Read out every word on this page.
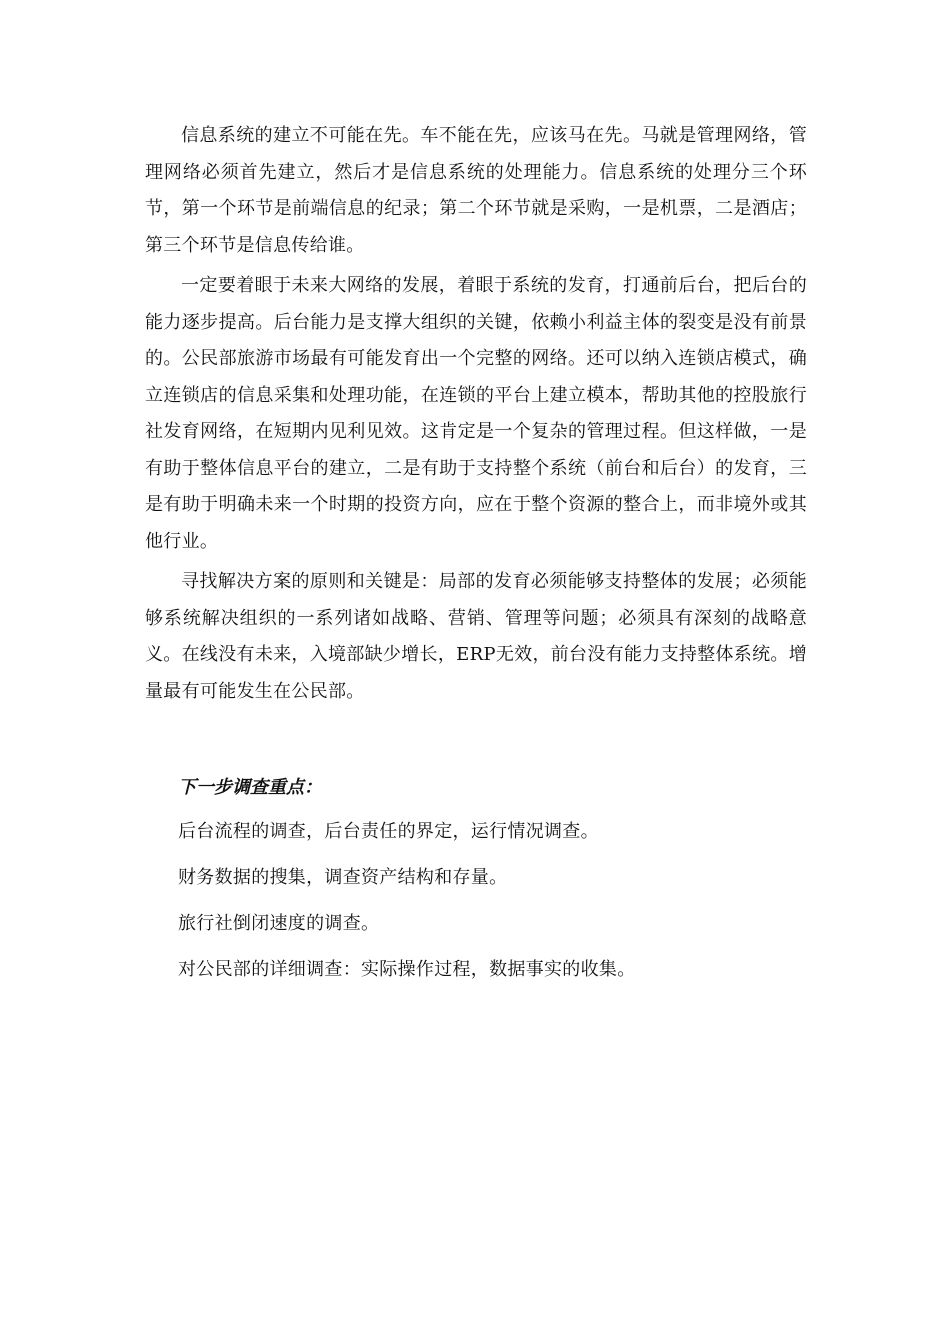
信息系统的建立不可能在先。车不能在先，应该马在先。马就是管理网络，管理网络必须首先建立，然后才是信息系统的处理能力。信息系统的处理分三个环节，第一个环节是前端信息的纪录；第二个环节就是采购，一是机票，二是酒店；第三个环节是信息传给谁。

一定要着眼于未来大网络的发展，着眼于系统的发育，打通前后台，把后台的能力逐步提高。后台能力是支撑大组织的关键，依赖小利益主体的裂变是没有前景的。公民部旅游市场最有可能发育出一个完整的网络。还可以纳入连锁店模式，确立连锁店的信息采集和处理功能，在连锁的平台上建立模本，帮助其他的控股旅行社发育网络，在短期内见利见效。这肯定是一个复杂的管理过程。但这样做，一是有助于整体信息平台的建立，二是有助于支持整个系统（前台和后台）的发育，三是有助于明确未来一个时期的投资方向，应在于整个资源的整合上，而非境外或其他行业。

寻找解决方案的原则和关键是：局部的发育必须能够支持整体的发展；必须能够系统解决组织的一系列诸如战略、营销、管理等问题；必须具有深刻的战略意义。在线没有未来，入境部缺少增长，ERP无效，前台没有能力支持整体系统。增量最有可能发生在公民部。

下一步调查重点：
后台流程的调查，后台责任的界定，运行情况调查。
财务数据的搜集，调查资产结构和存量。
旅行社倒闭速度的调查。
对公民部的详细调查：实际操作过程，数据事实的收集。
